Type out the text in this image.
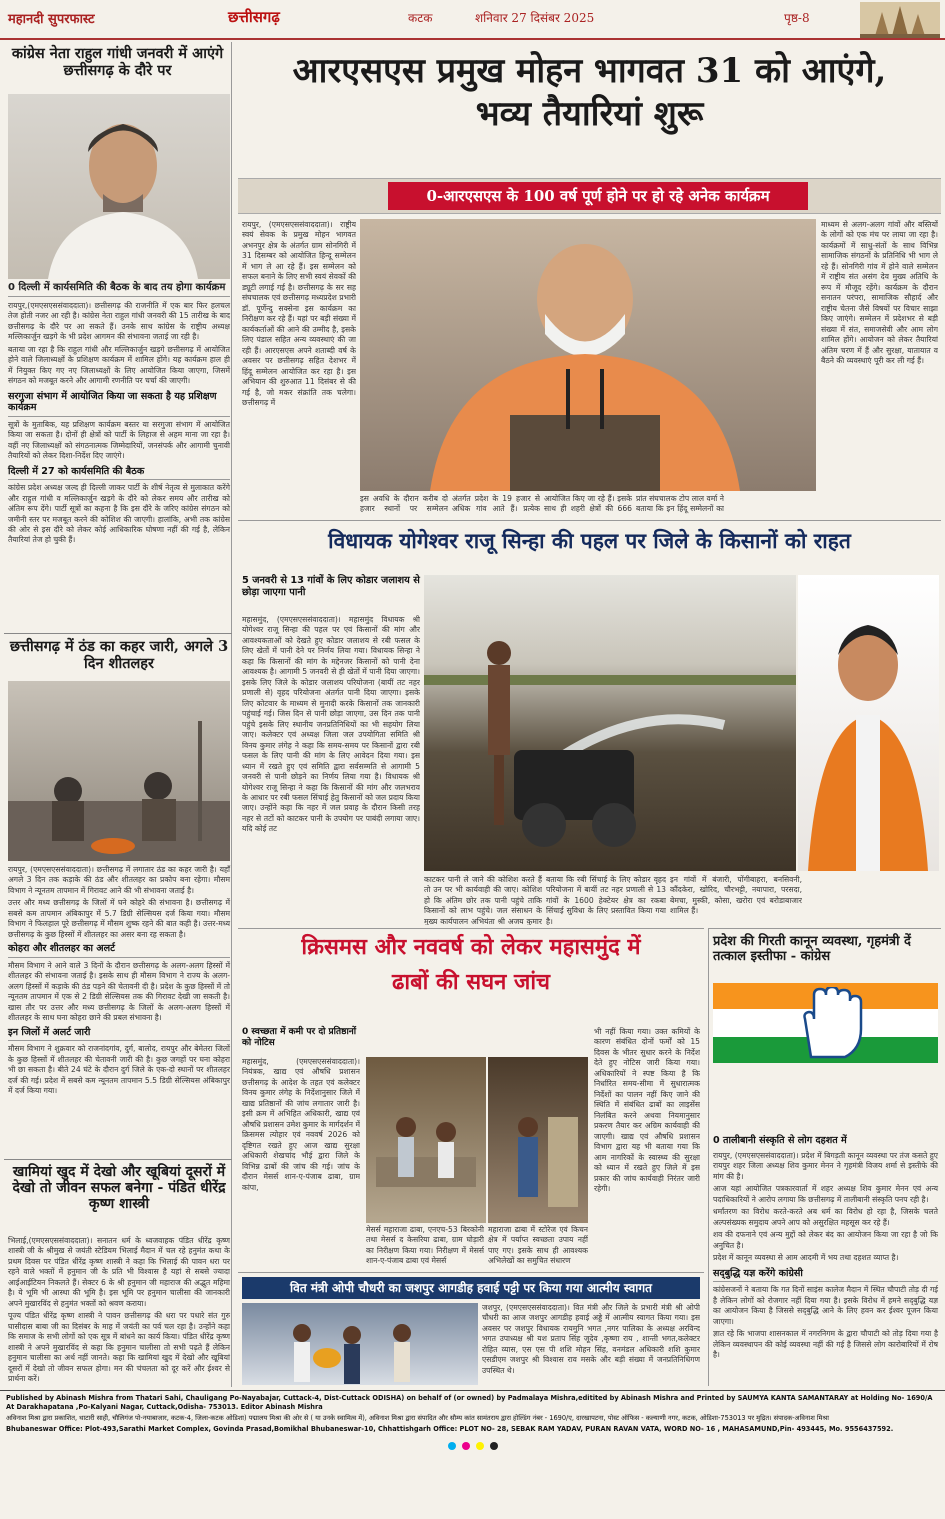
महानदी सुपरफास्ट	छत्तीसगढ़	कटक	शनिवार 27 दिसंबर 2025	पृष्ठ-8
कांग्रेस नेता राहुल गांधी जनवरी में आएंगे छत्तीसगढ़ के दौरे पर
0 दिल्ली में कार्यसमिति की बैठक के बाद तय होगा कार्यक्रम

रायपुर,(एमएसएससंवाददाता)। छत्तीसगढ़ की राजनीति में एक बार फिर हलचल तेज होती नजर आ रही है। कांग्रेस नेता राहुल गांधी जनवरी की 15 तारीख के बाद छत्तीसगढ़ के दौरे पर आ सकते हैं। उनके साथ कांग्रेस के राष्ट्रीय अध्यक्ष मल्लिकार्जुन खड़गे के भी प्रदेश आगमन की संभावना जताई जा रही है।

बताया जा रहा है कि राहुल गांधी और मल्लिकार्जुन खड़गे छत्तीसगढ़ में आयोजित होने वाले जिलाध्यक्षों के प्रशिक्षण कार्यक्रम में शामिल होंगे। यह कार्यक्रम हाल ही में नियुक्त किए गए नए जिलाध्यक्षों के लिए आयोजित किया जाएगा, जिसमें संगठन को मजबूत करने और आगामी रणनीति पर चर्चा की जाएगी।

सरगुजा संभाग में आयोजित किया जा सकता है यह प्रशिक्षण कार्यक्रम

सूत्रों के मुताबिक, यह प्रशिक्षण कार्यक्रम बस्तर या सरगुजा संभाग में आयोजित किया जा सकता है। दोनों ही क्षेत्रों को पार्टी के लिहाज से अहम माना जा रहा है। वहीं नए जिलाध्यक्षों को संगठनात्मक जिम्मेदारियों, जनसंपर्क और आगामी चुनावी तैयारियों को लेकर दिशा-निर्देश दिए जाएंगे।

दिल्ली में 27 को कार्यसमिति की बैठक

कांग्रेस प्रदेश अध्यक्ष जल्द ही दिल्ली जाकर पार्टी के शीर्ष नेतृत्व से मुलाकात करेंगे और राहुल गांधी व मल्लिकार्जुन खड़गे के दौरे को लेकर समय और तारीख को अंतिम रूप देंगे। पार्टी सूत्रों का कहना है कि इस दौरे के जरिए कांग्रेस संगठन को जमीनी स्तर पर मजबूत करने की कोशिश की जाएगी। हालांकि, अभी तक कांग्रेस की ओर से इस दौरे को लेकर कोई आधिकारिक घोषणा नहीं की गई है, लेकिन तैयारियां तेज हो चुकी हैं।

छत्तीसगढ़ में ठंड का कहर जारी, अगले 3 दिन शीतलहर

रायपुर, (एमएसएससंवाददाता)। छत्तीसगढ़ में लगातार ठंड का कहर जारी है। यहाँ अगले 3 दिन तक कड़ाके की ठंड और शीतलहर का प्रकोप बना रहेगा। मौसम विभाग ने न्यूनतम तापमान में गिरावट आने की भी संभावना जताई है।

उत्तर और मध्य छत्तीसगढ़ के जिलों में घने कोहरे की संभावना है। छत्तीसगढ़ में सबसे कम तापमान अंबिकापुर में 5.7 डिग्री सेल्सियस दर्ज किया गया। मौसम विभाग ने फिलहाल पूरे छत्तीसगढ़ में मौसम शुष्क रहने की बात कही है। उत्तर-मध्य छत्तीसगढ़ के कुछ हिस्सों में शीतलहर का असर बना रह सकता है।

कोहरा और शीतलहर का अलर्ट

मौसम विभाग ने आने वाले 3 दिनों के दौरान छत्तीसगढ़ के अलग-अलग हिस्सों में शीतलहर की संभावना जताई है। इसके साथ ही मौसम विभाग ने राज्य के अलग-अलग हिस्सों में कड़ाके की ठंड पड़ने की चेतावनी दी है। प्रदेश के कुछ हिस्सों में तो न्यूनतम तापमान में एक से 2 डिग्री सेल्सियस तक की गिरावट देखी जा सकती है। खास तौर पर उत्तर और मध्य छत्तीसगढ़ के जिलों के अलग-अलग हिस्सों में शीतलहर के साथ घना कोहरा छाने की प्रबल संभावना है।

इन जिलों में अलर्ट जारी

मौसम विभाग ने शुक्रवार को राजनांदगांव, दुर्ग, बालोद, रायपुर और बेमेतरा जिलों के कुछ हिस्सों में शीतलहर की चेतावनी जारी की है। कुछ जगहों पर घना कोहरा भी छा सकता है। बीते 24 घंटे के दौरान दुर्ग जिले के एक-दो स्थानों पर शीतलहर दर्ज की गई। प्रदेश में सबसे कम न्यूनतम तापमान 5.5 डिग्री सेल्सियस अंबिकापुर में दर्ज किया गया।

खामियां खुद में देखो और खूबियां दूसरों में देखो तो जीवन सफल बनेगा - पंडित धीरेंद्र कृष्ण शास्त्री

भिलाई,(एमएसएससंवाददाता)। सनातन धर्म के ध्वजवाहक पंडित धीरेंद्र कृष्ण शास्त्री जी के श्रीमुख से जयंती स्टेडियम भिलाई मैदान में चल रहे हनुमंत कथा के प्रथम दिवस पर पंडित धीरेंद्र कृष्ण शास्त्री ने कहा कि भिलाई की पावन धरा पर रहने वाले भक्तों में हनुमान जी के प्रति भी विश्वास है यहां से सबसे ज्यादा आईआईटियन निकलते हैं। सेक्टर 6 के श्री हनुमान जी महाराज की अद्भुत महिमा है। ये भूमि भी आस्था की भूमि है। इस भूमि पर हनुमान चालीसा की जानकारी अपने मुखारविंद से हनुमंत भक्तों को श्रवण कराया।

पूज्य पंडित धीरेंद्र कृष्ण शास्त्री ने पावन छत्तीसगढ़ की धरा पर पधारे संत गुरु घासीदास बाबा जी का दिसंबर के माह में जयंती का पर्व चल रहा है। उन्होंने कहा कि समाज के सभी लोगों को एक सूत्र में बांधने का कार्य किया। पंडित धीरेंद्र कृष्ण शास्त्री ने अपने मुखारविंद से कहा कि हनुमान चालीसा तो सभी पढ़ते हैं लेकिन हनुमान चालीसा का अर्थ नहीं जानते। कहा कि खामियां खुद में देखो और खूबियां दूसरों में देखो तो जीवन सफल होगा। मन की चंचलता को दूर करें और ईश्वर से प्रार्थना करें।

आरएसएस प्रमुख मोहन भागवत 31 को आएंगे,
भव्य तैयारियां शुरू
0-आरएसएस के 100 वर्ष पूर्ण होने पर हो रहे अनेक कार्यक्रम

रायपुर, (एमएसएससंवाददाता)। राष्ट्रीय स्वयं सेवक के प्रमुख मोहन भागवत अभनपुर क्षेत्र के अंतर्गत ग्राम सोनगिरी में 31 दिसम्बर को आयोजित हिन्दू सम्मेलन में भाग ले आ रहे हैं। इस सम्मेलन को सफल बनाने के लिए सभी स्वयं सेवकों की ड्यूटी लगाई गई है। छत्तीसगढ़ के सर सह संघचालक एवं छत्तीसगढ़ मध्यप्रदेश प्रभारी डॉ. पूर्णेन्दु सक्सेना इस कार्यक्रम का निरीक्षण कर रहे हैं। यहां पर बड़ी संख्या में कार्यकर्ताओं की आने की उम्मीद है, इसके लिए पंडाल सहित अन्य व्यवस्थाएं की जा रही हैं। आरएसएस अपने शताब्दी वर्ष के अवसर पर छत्तीसगढ़ सहित देशभर में हिंदू सम्मेलन आयोजित कर रहा है। इस अभियान की शुरुआत 11 दिसंबर से की गई है, जो मकर संक्रांति तक चलेगा। छत्तीसगढ़ में

इस अवधि के दौरान करीब दो हजार स्थानों पर सम्मेलन

अंतर्गत प्रदेश के 19 हजार से अधिक गांव आते हैं। प्रत्येक

आयोजित किए जा रहे हैं। इसके साथ ही शहरी क्षेत्रों की 666

प्रांत संघचालक टोप लाल वर्मा ने बताया कि इन हिंदू सम्मेलनों का

माध्यम से अलग-अलग गांवों और बस्तियों के लोगों को एक मंच पर लाया जा रहा है। कार्यक्रमों में साधु-संतों के साथ विभिन्न सामाजिक संगठनों के प्रतिनिधि भी भाग ले रहे हैं। सोनगिरी गांव में होने वाले सम्मेलन में राष्ट्रीय संत असंग देव मुख्य अतिथि के रूप में मौजूद रहेंगे। कार्यक्रम के दौरान सनातन परंपरा, सामाजिक सौहार्द और राष्ट्रीय चेतना जैसे विषयों पर विचार साझा किए जाएंगे। सम्मेलन में प्रदेशभर से बड़ी संख्या में संत, समाजसेवी और आम लोग शामिल होंगे। आयोजन को लेकर तैयारियां अंतिम चरण में हैं और सुरक्षा, यातायात व बैठने की व्यवस्थाएं पूरी कर ली गई हैं।

विधायक योगेश्वर राजू सिन्हा की पहल पर जिले के किसानों को राहत
5 जनवरी से 13 गांवों के लिए कोडार जलाशय से छोड़ा जाएगा पानी

महासमुंद, (एमएसएससंवाददाता)। महासमुंद विधायक श्री योगेश्वर राजू सिन्हा की पहल पर एवं किसानों की मांग और आवश्यकताओं को देखते हुए कोडार जलाशय से रबी फसल के लिए खेतों में पानी देने पर निर्णय लिया गया। विधायक सिन्हा ने कहा कि किसानों की मांग के मद्देनजर किसानों को पानी देना आवश्यक है। आगामी 5 जनवरी से ही खेतों में पानी दिया जाएगा। इसके लिए जिले के कोडार जलाशय परियोजना (बायीं तट नहर प्रणाली से) वृहद परियोजना अंतर्गत पानी दिया जाएगा। इसके लिए कोटवार के माध्यम से मुनादी करके किसानों तक जानकारी पहुंचाई गई। जिस दिन से पानी छोड़ा जाएगा, उस दिन तक पानी पहुंचे इसके लिए स्थानीय जनप्रतिनिधियों का भी सहयोग लिया जाए। कलेक्टर एवं अध्यक्ष जिला जल उपयोगिता समिति श्री विनय कुमार लंगेह ने कहा कि समय-समय पर किसानों द्वारा रबी फसल के लिए पानी की मांग के लिए आवेदन दिया गया। इस ध्यान में रखते हुए एवं समिति द्वारा सर्वसम्मति से आगामी 5 जनवरी से पानी छोड़ने का निर्णय लिया गया है। विधायक श्री योगेश्वर राजू सिन्हा ने कहा कि किसानों की मांग और जलभराव के आधार पर रबी फसल सिंचाई हेतु किसानों को जल प्रदाय किया जाए। उन्होंने कहा कि नहर में जल प्रवाह के दौरान किसी तरह नहर से तटों को काटकर पानी के उपयोग पर पाबंदी लगाया जाए। यदि कोई तट

काटकर पानी ले जाने की कोशिश करते हैं तो उन पर भी कार्यवाही की जाए। कोशिश हो कि अंतिम छोर तक पानी पहुंचे ताकि किसानों को लाभ पहुंचे। जल संसाधन के मुख्य कार्यपालन अभियंता श्री अजय कुमार

बताया कि रबी सिंचाई के लिए कोडार वृहद परियोजना में बायीं तट नहर प्रणाली से 13 गांवों के 1600 हेक्टेयर क्षेत्र का रकबा सिंचाई सुविधा के लिए प्रस्तावित किया गया है।

इन गांवों में बंजारी, पोंगीबाहरा, बनसिवनी, कौंदकेरा, खोरिद, चौरभट्टी, नयापारा, परसदा, बेमचा, मुस्की, कोसा, खरोरा एवं बरोडाबाजार शामिल हैं।

क्रिसमस और नववर्ष को लेकर महासमुंद में
ढाबों की सघन जांच
0 स्वच्छता में कमी पर दो प्रतिष्ठानों को नोटिस

महासमुंद, (एमएसएससंवाददाता)। नियंत्रक, खाद्य एवं औषधि प्रशासन छत्तीसगढ़ के आदेश के तहत एवं कलेक्टर विनय कुमार लंगेह के निर्देशानुसार जिले में खाद्य प्रतिष्ठानों की जांच लगातार जारी है। इसी क्रम में अभिहित अधिकारी, खाद्य एवं औषधि प्रशासन उमेश कुमार के मार्गदर्शन में क्रिसमस त्योहार एवं नववर्ष 2026 को दृष्टिगत रखते हुए आज खाद्य सुरक्षा अधिकारी शेखचांद भौई द्वारा जिले के विभिन्न ढाबों की जांच की गई। जांच के दौरान मेसर्स शान-ए-पंजाब ढाबा, ग्राम कांपा,

मेसर्स महाराजा ढाबा, एनएच-53 बिरकोनी तथा मेसर्स द केसरिया ढाबा, ग्राम घोड़ारी का निरीक्षण किया गया। निरीक्षण में मेसर्स शान-ए-पंजाब ढाबा एवं मेसर्स

महाराजा ढाबा में स्टोरेज एवं किचन क्षेत्र में पर्याप्त स्वच्छता उपाय नहीं पाए गए। इसके साथ ही आवश्यक अभिलेखों का समुचित संधारण

भी नहीं किया गया। उक्त कमियों के कारण संबंधित दोनों फर्मों को 15 दिवस के भीतर सुधार करने के निर्देश देते हुए नोटिस जारी किया गया। अधिकारियों ने स्पष्ट किया है कि निर्धारित समय-सीमा में सुधारात्मक निर्देशों का पालन नहीं किए जाने की स्थिति में संबंधित ढाबों का लाइसेंस निलंबित करने अथवा नियमानुसार प्रकरण तैयार कर अग्रिम कार्यवाही की जाएगी। खाद्य एवं औषधि प्रशासन विभाग द्वारा यह भी बताया गया कि आम नागरिकों के स्वास्थ्य की सुरक्षा को ध्यान में रखते हुए जिले में इस प्रकार की जांच कार्यवाही निरंतर जारी रहेगी।

प्रदेश की गिरती कानून व्यवस्था, गृहमंत्री दें तत्काल इस्तीफा - कांग्रेस
0 तालीबानी संस्कृति से लोग दहशत में

रायपुर, (एमएसएससंवाददाता)। प्रदेश में बिगड़ती कानून व्यवस्था पर तंज कसते हुए रायपुर शहर जिला अध्यक्ष शिव कुमार मेनन ने गृहमंत्री विजय शर्मा से इस्तीफे की मांग की है।

आज यहां आयोजित पत्रकारवार्ता में शहर अध्यक्ष शिव कुमार मेनन एवं अन्य पदाधिकारियों ने आरोप लगाया कि छत्तीसगढ़ में तालीबानी संस्कृति पनप रही है।

धर्मांतरण का विरोध करते-करते अब धर्म का विरोध हो रहा है, जिसके चलते अल्पसंख्यक समुदाय अपने आप को असुरक्षित महसूस कर रहे हैं।

शव की दफनाने एवं अन्य मुद्दों को लेकर बंद का आयोजन किया जा रहा है जो कि अनुचित है।

प्रदेश में कानून व्यवस्था से आम आदमी में भय तथा दहशत व्याप्त है।

सद्‌बुद्धि यज्ञ करेंगे कांग्रेसी

कांग्रेसजनों ने बताया कि गत दिनों साइंस कालेज मैदान में स्थित चौपाटी तोड़ दी गई है लेकिन लोगों को रोजगार नहीं दिया गया है। इसके विरोध में हमने सद्‌बुद्धि यज्ञ का आयोजन किया है जिससे सद्‌बुद्धि आने के लिए हवन कर ईश्वर पूजन किया जाएगा।

ज्ञात रहे कि भाजपा शासनकाल में नगरनिगम के द्वारा चौपाटी को तोड़ दिया गया है लेकिन व्यवस्थापन की कोई व्यवस्था नहीं की गई है जिससे लोग कारोबारियों में रोष है।

वित मंत्री ओपी चौधरी का जशपुर आगडीह हवाई पट्टी पर किया गया आत्मीय स्वागत

जशपुर, (एमएसएससंवाददाता)। वित मंत्री और जिले के प्रभारी मंत्री श्री ओपी चौधरी का आज जशपुर आगडीह हवाई अड्डे में आत्मीय स्वागत किया गया। इस अवसर पर जशपुर विधायक रायमुनि भगत ,नगर पालिका के अध्यक्ष अरविन्द भगत उपाध्यक्ष श्री यश प्रताप सिंह जूदेव ,कृष्णा राय , शान्ती भगत,कलेक्टर रोहित व्यास, एस एस पी शशि मोहन सिंह, वनमंडल अधिकारी शशि कुमार एसडीएम जशपुर श्री विश्वास राव मसके और बड़ी संख्या में जनप्रतिनिधिगण उपस्थित थे।

Published by Abinash Mishra from Thatari Sahi, Chauligang Po-Nayabajar, Cuttack-4, Dist-Cuttack ODISHA) on behalf of (or owned) by Padmalaya Mishra,editited by Abinash Mishra and Printed by SAUMYA KANTA SAMANTARAY at Holding No- 1690/A At Darakhapatana ,Po-Kalyani Nagar, Cuttack,Odisha- 753013. Editor Abinash Mishra

अविनाश मिश्रा द्वारा प्रकाशित, थाटारी साही, चौलिगंज पो-नयाबाजार, कटक-4, जिला-कटक ओडिशा) पद्मालय मिश्रा की ओर से ( या उनके स्वामित्व में), अविनाश मिश्रा द्वारा संपादित और सौम्य कांत सामंतराय द्वारा होल्डिंग नंबर - 1690/ए, दारखापटना, पोस्ट ऑफिस - कल्याणी नगर, कटक, ओडिशा-753013 पर मुद्रित। संपादक-अविनाश मिश्रा

Bhubaneswar Office: Plot-493,Sarathi Market Complex, Govinda Prasad,Bomikhal Bhubaneswar-10, Chhattishgarh Office: PLOT NO- 28, SEBAK RAM YADAV, PURAN RAVAN VATA, WORD NO- 16 , MAHASAMUND,Pin- 493445, Mo. 9556437592.
